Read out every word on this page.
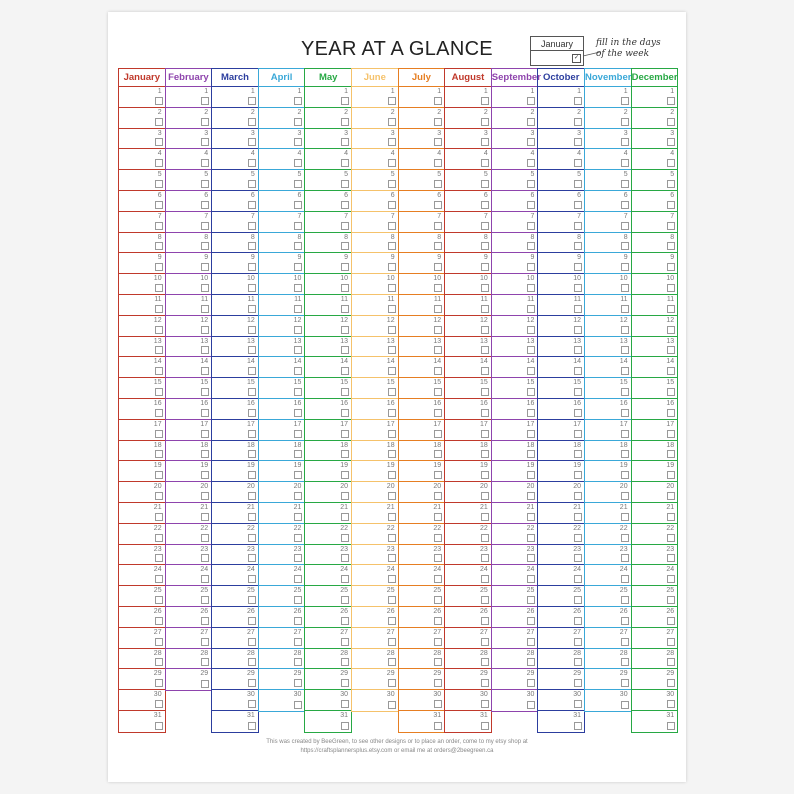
YEAR AT A GLANCE	January
✓
fill in the days
of the week
January
1
2
3
4
5
6
7
8
9
10
11
12
13
14
15
16
17
18
19
20
21
22
23
24
25
26
27
28
29
30
31
February
1
2
3
4
5
6
7
8
9
10
11
12
13
14
15
16
17
18
19
20
21
22
23
24
25
26
27
28
29
March
1
2
3
4
5
6
7
8
9
10
11
12
13
14
15
16
17
18
19
20
21
22
23
24
25
26
27
28
29
30
31
April
1
2
3
4
5
6
7
8
9
10
11
12
13
14
15
16
17
18
19
20
21
22
23
24
25
26
27
28
29
30
May
1
2
3
4
5
6
7
8
9
10
11
12
13
14
15
16
17
18
19
20
21
22
23
24
25
26
27
28
29
30
31
June
1
2
3
4
5
6
7
8
9
10
11
12
13
14
15
16
17
18
19
20
21
22
23
24
25
26
27
28
29
30
July
1
2
3
4
5
6
7
8
9
10
11
12
13
14
15
16
17
18
19
20
21
22
23
24
25
26
27
28
29
30
31
August
1
2
3
4
5
6
7
8
9
10
11
12
13
14
15
16
17
18
19
20
21
22
23
24
25
26
27
28
29
30
31
September
1
2
3
4
5
6
7
8
9
10
11
12
13
14
15
16
17
18
19
20
21
22
23
24
25
26
27
28
29
30
October
1
2
3
4
5
6
7
8
9
10
11
12
13
14
15
16
17
18
19
20
21
22
23
24
25
26
27
28
29
30
31
November
1
2
3
4
5
6
7
8
9
10
11
12
13
14
15
16
17
18
19
20
21
22
23
24
25
26
27
28
29
30
December
1
2
3
4
5
6
7
8
9
10
11
12
13
14
15
16
17
18
19
20
21
22
23
24
25
26
27
28
29
30
31
This was created by BeeGreen, to see other designs or to place an order, come to my etsy shop at
https://craftsplannersplus.etsy.com or email me at orders@2beegreen.ca
